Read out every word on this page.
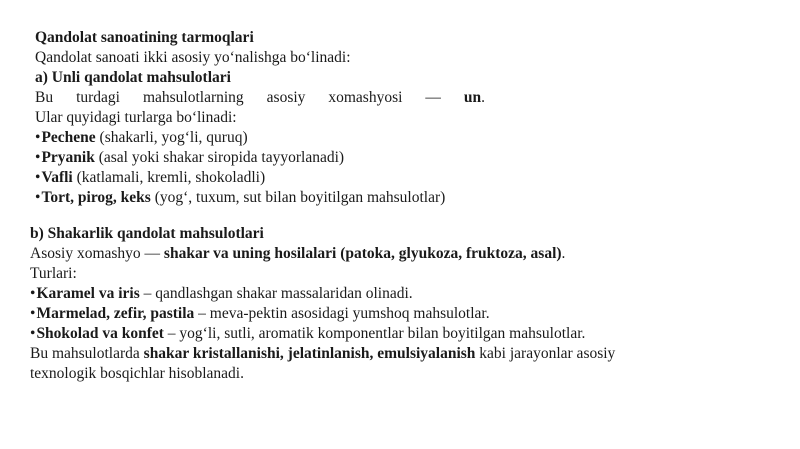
Qandolat sanoatining tarmoqlari
Qandolat sanoati ikki asosiy yo‘nalishga bo‘linadi:
a) Unli qandolat mahsulotlari
Bu turdagi mahsulotlarning asosiy xomashyosi — un.
Ular quyidagi turlarga bo‘linadi:
•Pechene (shakarli, yog‘li, quruq)
•Pryanik (asal yoki shakar siropida tayyorlanadi)
•Vafli (katlamali, kremli, shokoladli)
•Tort, pirog, keks (yog‘, tuxum, sut bilan boyitilgan mahsulotlar)
b) Shakarlik qandolat mahsulotlari
Asosiy xomashyo — shakar va uning hosilalari (patoka, glyukoza, fruktoza, asal).
Turlari:
•Karamel va iris – qandlashgan shakar massalaridan olinadi.
•Marmelad, zefir, pastila – meva-pektin asosidagi yumshoq mahsulotlar.
•Shokolad va konfet – yog‘li, sutli, aromatik komponentlar bilan boyitilgan mahsulotlar.
Bu mahsulotlarda shakar kristallanishi, jelatinlanish, emulsiyalanish kabi jarayonlar asosiy
texnologik bosqichlar hisoblanadi.
